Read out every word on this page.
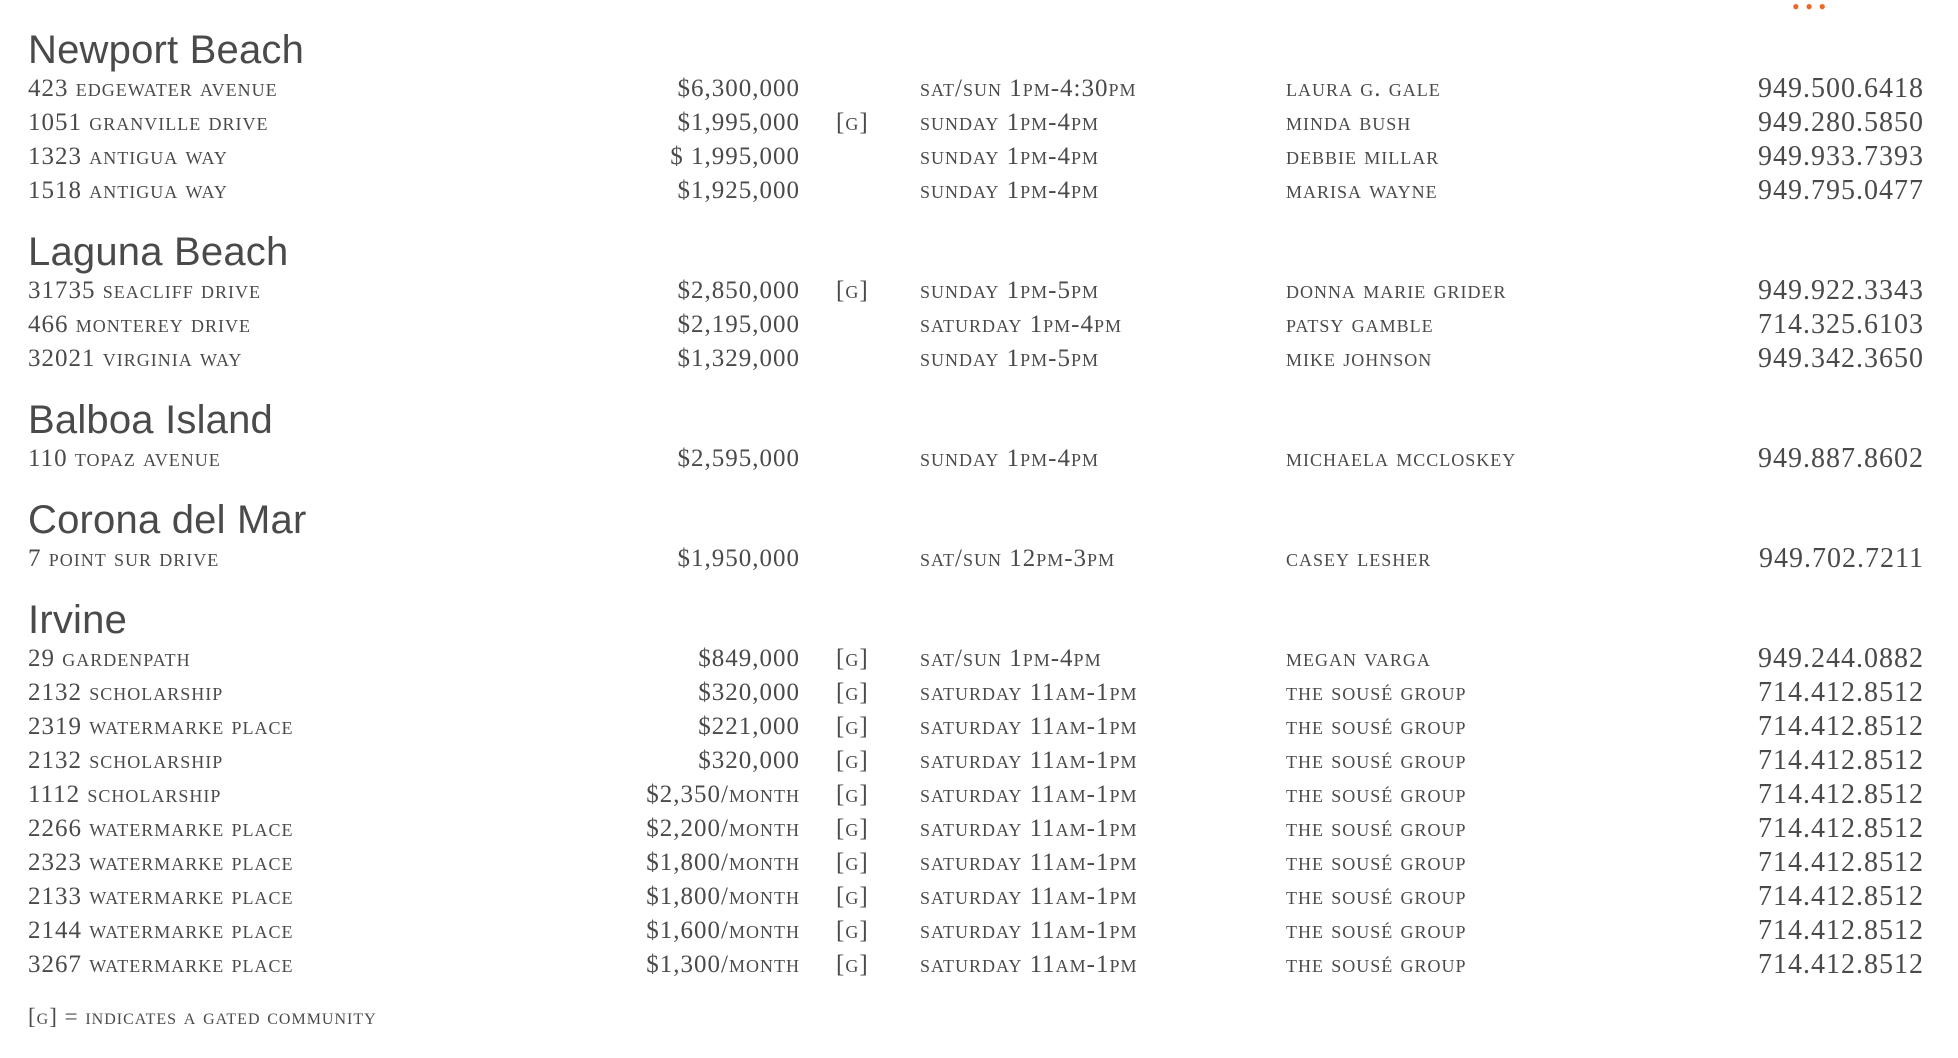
• • •
Newport Beach
423 edgewater avenue	$6,300,000	sat/sun 1pm-4:30pm	laura g. gale	949.500.6418
1051 granville drive	$1,995,000 [g] sunday 1pm-4pm	minda bush	949.280.5850
1323 antigua way	$ 1,995,000	sunday 1pm-4pm	debbie millar	949.933.7393
1518 antigua way	$1,925,000	sunday 1pm-4pm	marisa wayne	949.795.0477
Laguna Beach
31735 seacliff drive	$2,850,000 [g] sunday 1pm-5pm	donna marie grider	949.922.3343
466 monterey drive	$2,195,000	saturday 1pm-4pm	patsy gamble	714.325.6103
32021 virginia way	$1,329,000	sunday 1pm-5pm	mike johnson	949.342.3650
Balboa Island
110 topaz avenue	$2,595,000	sunday 1pm-4pm	michaela mccloskey	949.887.8602
Corona del Mar
7 point sur drive	$1,950,000	sat/sun 12pm-3pm	casey lesher	949.702.7211
Irvine
29 gardenpath	$849,000 [g] sat/sun 1pm-4pm	megan varga	949.244.0882
2132 scholarship	$320,000 [g] saturday 11am-1pm	the sousé group	714.412.8512
2319 watermarke place	$221,000 [g] saturday 11am-1pm	the sousé group	714.412.8512
2132 scholarship	$320,000 [g] saturday 11am-1pm	the sousé group	714.412.8512
1112 scholarship	$2,350/month [g] saturday 11am-1pm	the sousé group	714.412.8512
2266 watermarke place	$2,200/month [g] saturday 11am-1pm	the sousé group	714.412.8512
2323 watermarke place	$1,800/month [g] saturday 11am-1pm	the sousé group	714.412.8512
2133 watermarke place	$1,800/month [g] saturday 11am-1pm	the sousé group	714.412.8512
2144 watermarke place	$1,600/month [g] saturday 11am-1pm	the sousé group	714.412.8512
3267 watermarke place	$1,300/month [g] saturday 11am-1pm	the sousé group	714.412.8512
[g] = indicates a gated community
